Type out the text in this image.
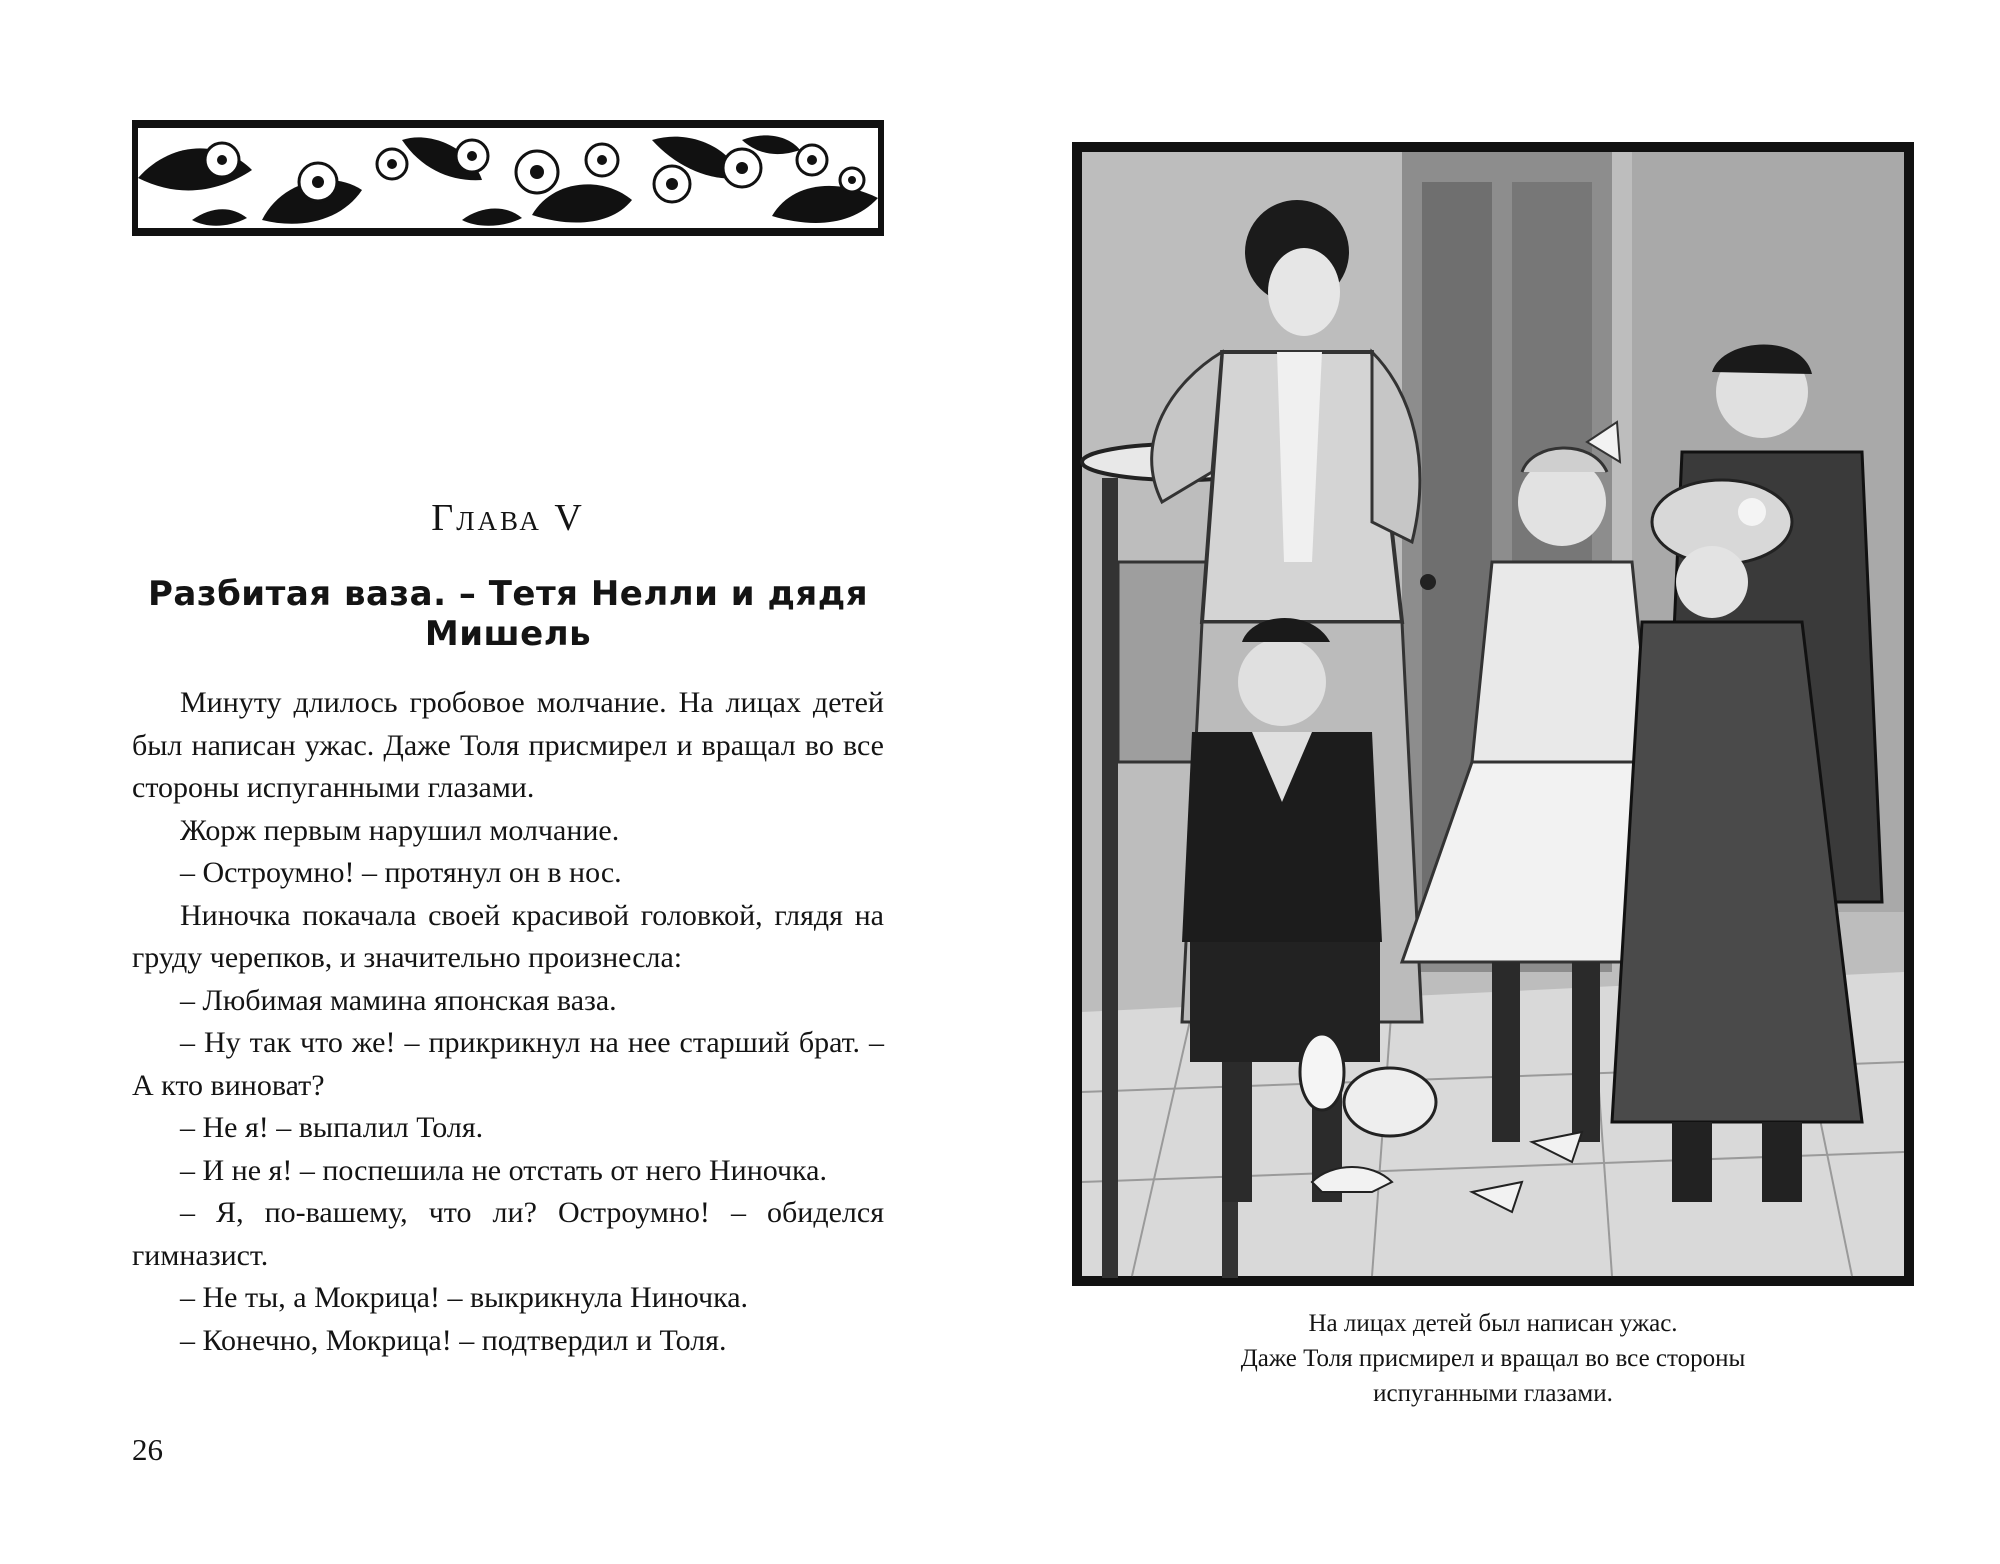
Глава V
Разбитая ваза. – Тетя Нелли и дядя Мишель

Минуту длилось гробовое молчание. На лицах детей был написан ужас. Даже Толя присмирел и вращал во все стороны испуганными глазами.

Жорж первым нарушил молчание.

– Остроумно! – протянул он в нос.

Ниночка покачала своей красивой головкой, глядя на груду черепков, и значительно произнесла:

– Любимая мамина японская ваза.

– Ну так что же! – прикрикнул на нее старший брат. – А кто виноват?

– Не я! – выпалил Толя.

– И не я! – поспешила не отстать от него Ниночка.

– Я, по-вашему, что ли? Остроумно! – обиделся гимназист.

– Не ты, а Мокрица! – выкрикнула Ниночка.

– Конечно, Мокрица! – подтвердил и Толя.

26
На лицах детей был написан ужас.
Даже Толя присмирел и вращал во все стороны
испуганными глазами.
